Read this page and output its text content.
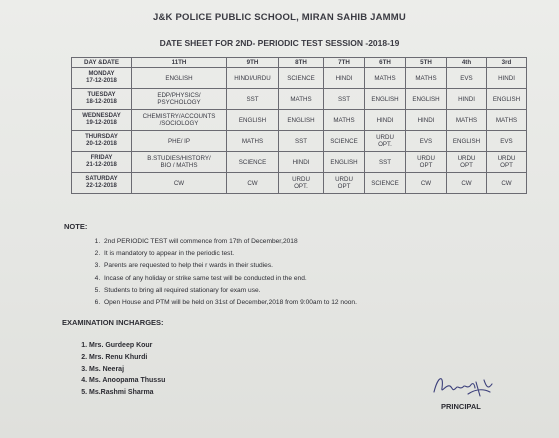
J&K POLICE PUBLIC SCHOOL, MIRAN SAHIB JAMMU
DATE SHEET FOR 2ND- PERIODIC TEST SESSION -2018-19
DAY &DATE	11TH	9TH	8TH	7TH	6TH	5TH	4th	3rd

MONDAY
17-12-2018	ENGLISH	HINDI/URDU	SCIENCE	HINDI	MATHS	MATHS	EVS	HINDI

TUESDAY
18-12-2018	EDP/PHYSICS/
PSYCHOLOGY	SST	MATHS	SST	ENGLISH	ENGLISH	HINDI	ENGLISH

WEDNESDAY
19-12-2018	CHEMISTRY/ACCOUNTS
/SOCIOLOGY	ENGLISH	ENGLISH	MATHS	HINDI	HINDI	MATHS	MATHS

THURSDAY
20-12-2018	PHE/ IP	MATHS	SST	SCIENCE	URDU
OPT.	EVS	ENGLISH	EVS

FRIDAY
21-12-2018	B.STUDIES/HISTORY/
BIO / MATHS	SCIENCE	HINDI	ENGLISH	SST	URDU
OPT	URDU
OPT	URDU
OPT

SATURDAY
22-12-2018	CW	CW	URDU
OPT.	URDU
OPT	SCIENCE	CW	CW	CW
NOTE:
1. 2nd PERIODIC TEST will commence from 17th of December,2018
2. It is mandatory to appear in the periodic test.
3. Parents are requested to help thei r wards in their studies.
4. Incase of any holiday or strike same test will be conducted in the end.
5. Students to bring all required stationary for exam use.
6. Open House and PTM will be held on 31st of December,2018 from 9:00am to 12 noon.
EXAMINATION INCHARGES:
1. Mrs. Gurdeep Kour
2. Mrs. Renu Khurdi
3. Ms. Neeraj
4. Ms. Anoopama Thussu
5. Ms.Rashmi Sharma
PRINCIPAL
